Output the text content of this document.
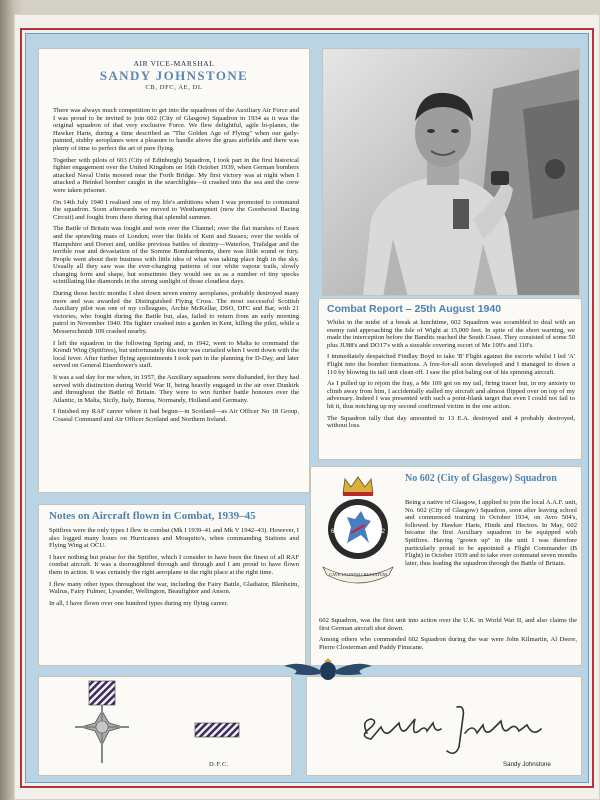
AIR VICE-MARSHAL
SANDY JOHNSTONE
CB, DFC, AE, DL

There was always much competition to get into the squadrons of the Auxiliary Air Force and I was proud to be invited to join 602 (City of Glasgow) Squadron in 1934 as it was the original squadron of that very exclusive Force. We flew delightful, agile bi-planes, the Hawker Harts, during a time described as "The Golden Age of Flying" when our gaily-painted, stubby aeroplanes were a pleasure to handle above the grass airfields and there was plenty of time to perfect the art of pure flying.

Together with pilots of 603 (City of Edinburgh) Squadron, I took part in the first historical fighter engagement over the United Kingdom on 16th October 1939, when German bombers attacked Naval Units moored near the Forth Bridge. My first victory was at night when I attacked a Heinkel bomber caught in the searchlights—it crashed into the sea and the crew were taken prisoner.

On 14th July 1940 I realised one of my life's ambitions when I was promoted to command the squadron. Soon afterwards we moved to Westhampnett (now the Goodwood Racing Circuit) and fought from there during that splendid summer.

The Battle of Britain was fought and won over the Channel; over the flat marshes of Essex and the sprawling mass of London; over the fields of Kent and Sussex; over the wolds of Hampshire and Dorset and, unlike previous battles of destiny—Waterloo, Trafalgar and the terrible roar and devastation of the Somme Bombardments, there was little sound or fury. People went about their business with little idea of what was taking place high in the sky. Usually all they saw was the ever-changing patterns of our white vapour trails, slowly changing form and shape, but sometimes they would see us as a number of tiny specks scintillating like diamonds in the strong sunlight of those cloudless days.

During those hectic months I shot down seven enemy aeroplanes, probably destroyed many more and was awarded the Distinguished Flying Cross. The most successful Scottish Auxiliary pilot was one of my colleagues, Archie McKellar, DSO, DFC and Bar, with 21 victories, who fought during the Battle but, alas, failed to return from an early morning patrol in November 1940. His fighter crashed into a garden in Kent, killing the pilot, while a Messerschmidt 109 crashed nearby.

I left the squadron in the following Spring and, in 1942, went to Malta to command the Krendi Wing (Spitfires), but unfortunately this tour was curtailed when I went down with the local fever. After further flying appointments I took part in the planning for D-Day, and later served on General Eisenhower's staff.

It was a sad day for me when, in 1957, the Auxiliary squadrons were disbanded, for they had served with distinction during World War II, being heavily engaged in the air over Dunkirk and throughout the Battle of Britain. They were to win further battle honours over the Atlantic, in Malta, Sicily, Italy, Burma, Normandy, Holland and Germany.

I finished my RAF career where it had begun—in Scotland—as Air Officer No 18 Group, Coastal Command and Air Officer Scotland and Northern Ireland.

Combat Report – 25th August 1940

Whilst in the midst of a break at lunchtime, 602 Squadron was scrambled to deal with an enemy raid approaching the Isle of Wight at 15,000 feet. In spite of the short warning, we made the interception before the Bandits reached the South Coast. They consisted of some 50 plus JU88's and DO17's with a sizeable covering escort of Me 109's and 110's.

I immediately despatched Findlay Boyd to take 'B' Flight against the escorts whilst I led 'A' Flight into the bomber formations. A free-for-all soon developed and I managed to down a 110 by blowing its tail unit clean off. I saw the pilot baling out of his spinning aircraft.

As I pulled up to rejoin the fray, a Me 109 got on my tail, firing tracer but, in my anxiety to climb away from him, I accidentally stalled my aircraft and almost flipped over on top of my adversary. Indeed I was presented with such a point-blank target that even I could not fail to hit it, thus notching up my second confirmed victim in the one action.

The Squadron tally that day amounted to 13 E.A. destroyed and 4 probably destroyed, without loss.

602	602
CAVE LEONEM CRUCIATUM
No 602 (City of Glasgow) Squadron

Being a native of Glasgow, I applied to join the local A.A.F. unit, No. 602 (City of Glasgow) Squadron, soon after leaving school and commenced training in October 1934, on Avro 504's, followed by Hawker Harts, Hinds and Hectors. In May, 602 became the first Auxiliary squadron to be equipped with Spitfires. Having "grown up" in the unit I was therefore particularly proud to be appointed a Flight Commander (B Flight) in October 1939 and to take over command seven months later, thus leading the squadron through the Battle of Britain.

602 Squadron, was the first unit into action over the U.K. in World War II, and also claims the first German aircraft shot down.

Among others who commanded 602 Squadron during the war were John Kilmartin, Al Deere, Pierre Closterman and Paddy Finucane.

Notes on Aircraft flown in Combat, 1939–45

Spitfires were the only types I flew in combat (Mk I 1939–41 and Mk V 1942–43). However, I also logged many hours on Hurricanes and Mosquito's, when commanding Stations and Flying Wing at OCU.

I have nothing but praise for the Spitfire, which I consider to have been the finest of all RAF combat aircraft. It was a thoroughbred through and through and I am proud to have flown them in action. It was certainly the right aeroplane in the right place at the right time.

I flew many other types throughout the war, including the Fairy Battle, Gladiator, Blenheim, Walrus, Fairy Fulmer, Lysander, Wellington, Beaufighter and Anson.

In all, I have flown over one hundred types during my flying career.

D.F.C.	Sandy Johnstone
